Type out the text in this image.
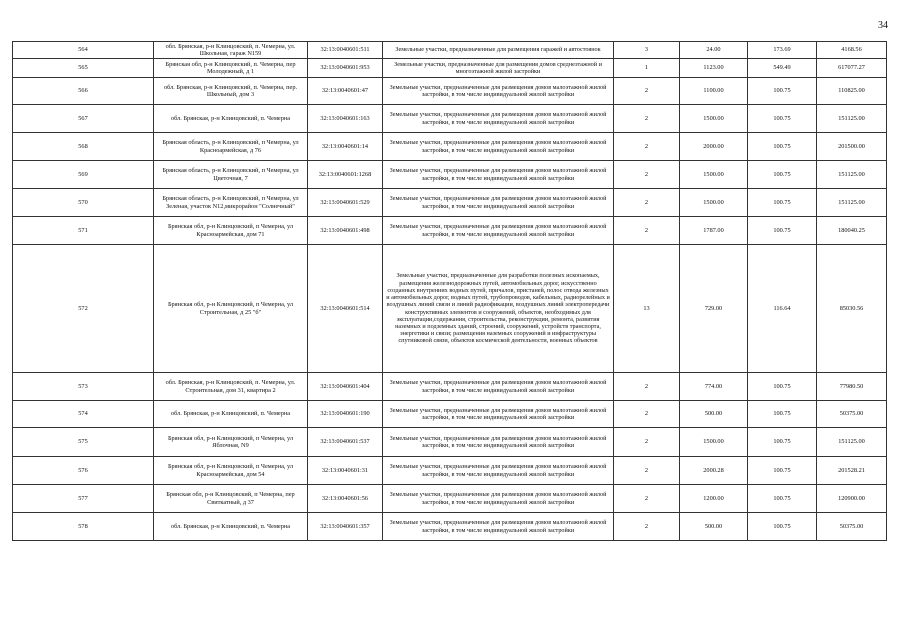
34
564	обл. Брянская, р-н Клинцовский, п. Чемерна, ул. Школьная, гараж N159	32:13:0040601:511	Земельные участки, предназначенные для размещения гаражей и автостоянок	3	24.00	173.69	4168.56
565	Брянская обл, р-н Клинцовский, п. Чемерна, пер Молодежный, д 1	32:13:0040601:953	Земельные участки, предназначенные для размещения домов среднеэтажной и многоэтажной жилой застройки	1	1123.00	549.49	617077.27
566	обл. Брянская, р-н Клинцовский, п. Чемерна, пер. Школьный, дом 3	32:13:0040601:47	Земельные участки, предназначенные для размещения домов малоэтажной жилой застройки, в том числе индивидуальной жилой застройки	2	1100.00	100.75	110825.00
567	обл. Брянская, р-н Клинцовский, п. Чемерна	32:13:0040601:163	Земельные участки, предназначенные для размещения домов малоэтажной жилой застройки, в том числе индивидуальной жилой застройки	2	1500.00	100.75	151125.00
568	Брянская область, р-н Клинцовский, п Чемерна, ул Красноармейская, д 76	32:13:0040601:14	Земельные участки, предназначенные для размещения домов малоэтажной жилой застройки, в том числе индивидуальной жилой застройки	2	2000.00	100.75	201500.00
569	Брянская область, р-н Клинцовский, п Чемерна, ул Цветочная, 7	32:13:0040601:1268	Земельные участки, предназначенные для размещения домов малоэтажной жилой застройки, в том числе индивидуальной жилой застройки	2	1500.00	100.75	151125.00
570	Брянская область, р-н Клинцовский, п Чемерна, ул Зеленая, участок N12,микрорайон "Солнечный"	32:13:0040601:529	Земельные участки, предназначенные для размещения домов малоэтажной жилой застройки, в том числе индивидуальной жилой застройки	2	1500.00	100.75	151125.00
571	Брянская обл, р-н Клинцовский, п Чемерна, ул Красноармейская, дом 71	32:13:0040601:498	Земельные участки, предназначенные для размещения домов малоэтажной жилой застройки, в том числе индивидуальной жилой застройки	2	1787.00	100.75	180040.25
572	Брянская обл, р-н Клинцовский, п Чемерна, ул Строительная, д 25 "б"	32:13:0040601:514	Земельные участки, предназначенные для разработки полезных ископаемых, размещения железнодорожных путей, автомобильных дорог, искусственно созданных внутренних водных путей, причалов, пристаней, полос отвода железных и автомобильных дорог, водных путей, трубопроводов, кабельных, радиорелейных и воздушных линий связи и линий радиофикации, воздушных линий электропередачи конструктивных элементов и сооружений, объектов, необходимых для эксплуатации,содержания, строительства, реконструкции, ремонта, развития наземных и подземных зданий, строений, сооружений, устройств транспорта, энергетики и связи; размещения наземных сооружений и инфраструктуры спутниковой связи, объектов космической деятельности, военных объектов	13	729.00	116.64	85030.56
573	обл. Брянская, р-н Клинцовский, п. Чемерна, ул. Строительная, дом 31, квартира 2	32:13:0040601:404	Земельные участки, предназначенные для размещения домов малоэтажной жилой застройки, в том числе индивидуальной жилой застройки	2	774.00	100.75	77980.50
574	обл. Брянская, р-н Клинцовский, п. Чемерна	32:13:0040601:190	Земельные участки, предназначенные для размещения домов малоэтажной жилой застройки, в том числе индивидуальной жилой застройки	2	500.00	100.75	50375.00
575	Брянская обл, р-н Клинцовский, п Чемерна, ул Яблочная, N9	32:13:0040601:537	Земельные участки, предназначенные для размещения домов малоэтажной жилой застройки, в том числе индивидуальной жилой застройки	2	1500.00	100.75	151125.00
576	Брянская обл, р-н Клинцовский, п Чемерна, ул Красноармейская, дом 54	32:13:0040601:31	Земельные участки, предназначенные для размещения домов малоэтажной жилой застройки, в том числе индивидуальной жилой застройки	2	2000.28	100.75	201528.21
577	Брянская обл, р-н Клинцовский, п Чемерна, пер Свиткатный, д 37	32:13:0040601:56	Земельные участки, предназначенные для размещения домов малоэтажной жилой застройки, в том числе индивидуальной жилой застройки	2	1200.00	100.75	120900.00
578	обл. Брянская, р-н Клинцовский, п. Чемерна	32:13:0040601:357	Земельные участки, предназначенные для размещения домов малоэтажной жилой застройки, в том числе индивидуальной жилой застройки	2	500.00	100.75	50375.00
